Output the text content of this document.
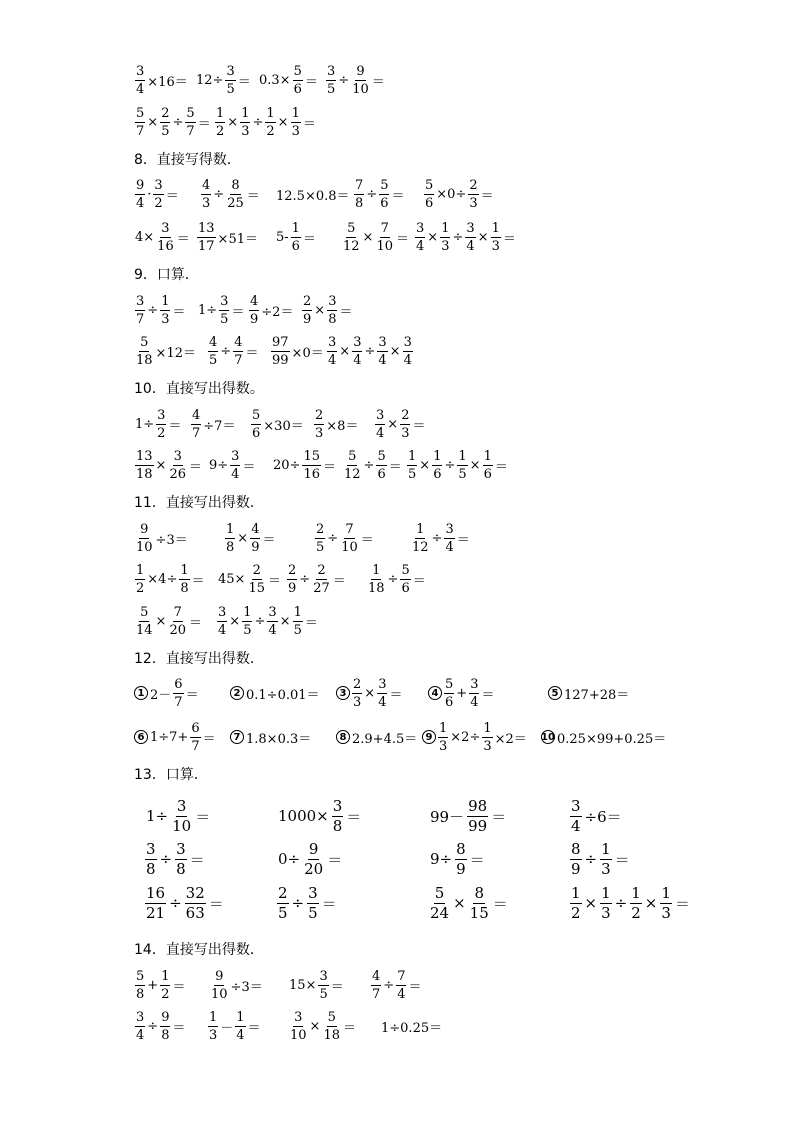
$\frac{3}{4} \times 16= 12\div \frac{3}{5} = 0.3\times \frac{5}{6} = \frac{3}{5} \div \frac{9}{10}$ ＝
$\frac{5}{7} \times \frac{2}{5} \div \frac{5}{7} = \frac{1}{2} \times \frac{1}{3} \div \frac{1}{2} \times \frac{1}{3}$ ＝
8．直接写得数．
$\frac{9}{4} \cdot \frac{3}{2} = \frac{4}{3} \div \frac{8}{25} = 12.5\times 0.8= \frac{7}{8} \div \frac{5}{6} = \frac{5}{6} \times 0\div \frac{2}{3}$ ＝
$4\times \frac{3}{16} = \frac{13}{17} \times 51= 5- \frac{1}{6} = \frac{5}{12} \times \frac{7}{10} = \frac{3}{4} \times \frac{1}{3} \div \frac{3}{4} \times \frac{1}{3}$ ＝
9．口算．
$\frac{3}{7} \div \frac{1}{3} = 1\div \frac{3}{5} = \frac{4}{9} \div 2= \frac{2}{9} \times \frac{3}{8}$ ＝
$\frac{5}{18} \times 12= \frac{4}{5} \div \frac{4}{7} = \frac{97}{99} \times 0= \frac{3}{4} \times \frac{3}{4} \div \frac{3}{4} \times \frac{3}{4}$
10．直接写出得数。
$1\div \frac{3}{2} = \frac{4}{7} \div 7= \frac{5}{6} \times 30= \frac{2}{3} \times 8= \frac{3}{4} \times \frac{2}{3}$ ＝
$\frac{13}{18} \times \frac{3}{26} = 9\div \frac{3}{4} = 20\div \frac{15}{16} = \frac{5}{12} \div \frac{5}{6} = \frac{1}{5} \times \frac{1}{6} \div \frac{1}{5} \times \frac{1}{6}$ ＝
11．直接写出得数．
$\frac{9}{10} \div 3=$	$\frac{1}{8} \times \frac{4}{9}$ ＝	$\frac{2}{5} \div \frac{7}{10}$ ＝	$\frac{1}{12} \div \frac{3}{4}$ ＝
$\frac{1}{2} \times 4\div \frac{1}{8} = 45\times \frac{2}{15} = \frac{2}{9} \div \frac{2}{27} = \frac{1}{18} \div \frac{5}{6}$ ＝
$\frac{5}{14} \times \frac{7}{20} = \frac{3}{4} \times \frac{1}{5} \div \frac{3}{4} \times \frac{1}{5}$ ＝
12．直接写出得数．
1 $2- \frac{6}{7}$ ＝	2 0.1÷0.01＝	$3 \frac{2}{3} \times \frac{3}{4}$ ＝	$4 \frac{5}{6} + \frac{3}{4}$ ＝	5 127+28＝
6 $1\div 7+ \frac{6}{7}$ ＝	7 1.8×0.3＝	8 $2.9+4.5= 9 \frac{1}{3} \times 2\div \frac{1}{3} \times 2= 10$ 0.25×99+0.25＝
13．口算．
$1\div \frac{3}{10}$ ＝	$1000\times \frac{3}{8}$ ＝	$99- \frac{98}{99}$ ＝	$\frac{3}{4} \div 6=$
$\frac{3}{8} \div \frac{3}{8}$ ＝	$0\div \frac{9}{20}$ ＝	$9\div \frac{8}{9}$ ＝	$\frac{8}{9} \div \frac{1}{3}$ ＝
$\frac{16}{21} \div \frac{32}{63}$ ＝	$\frac{2}{5} \div \frac{3}{5}$ ＝	$\frac{5}{24} \times \frac{8}{15}$ ＝	$\frac{1}{2} \times \frac{1}{3} \div \frac{1}{2} \times \frac{1}{3}$ ＝
14．直接写出得数．
$\frac{5}{8} + \frac{1}{2} = \frac{9}{10} \div 3= 15\times \frac{3}{5} = \frac{4}{7} \div \frac{7}{4}$ ＝
$\frac{3}{4} \div \frac{9}{8} = \frac{1}{3} - \frac{1}{4} = \frac{3}{10} \times \frac{5}{18} = 1\div 0.25=$
